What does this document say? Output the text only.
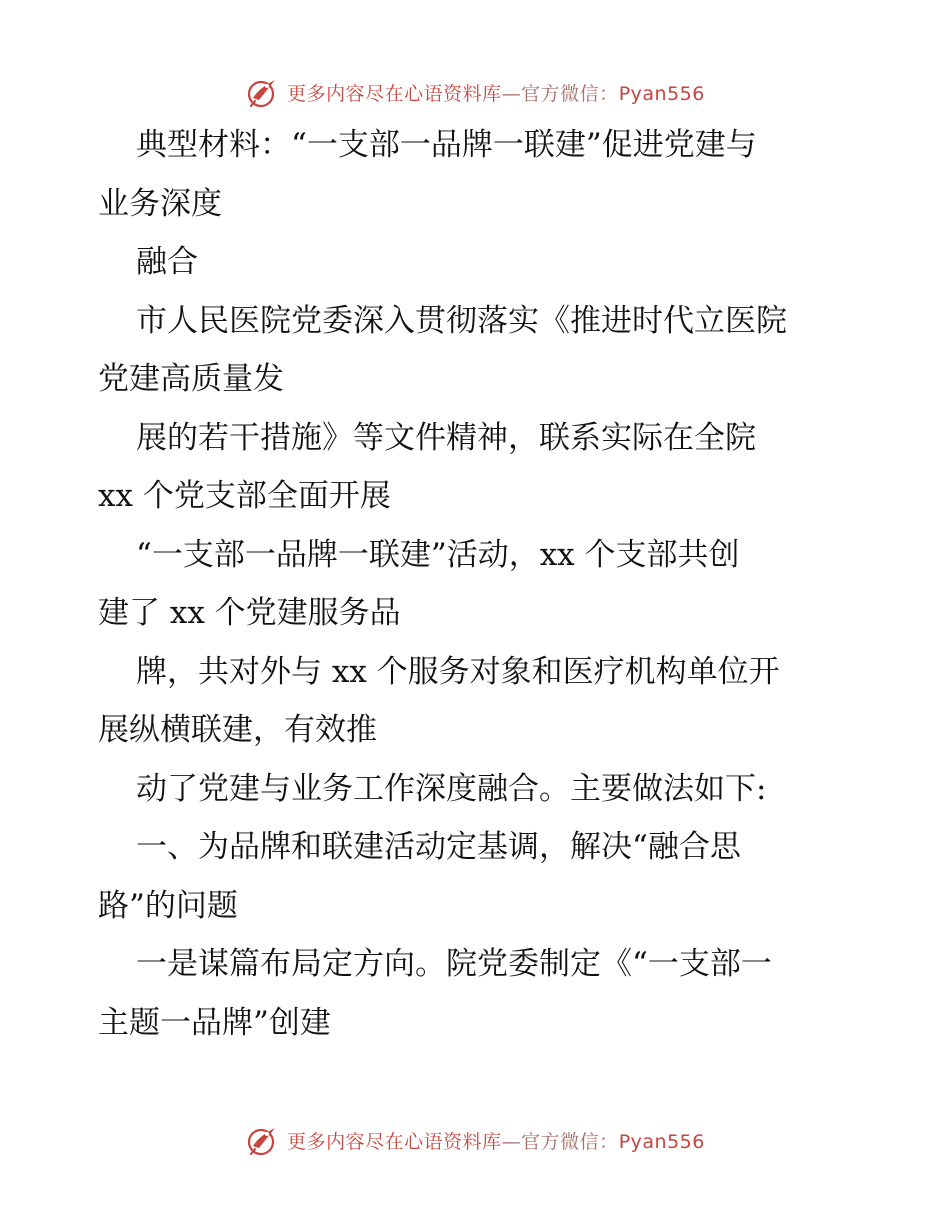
更多内容尽在心语资料库—官方微信：Pyan556
典型材料：“一支部一品牌一联建”促进党建与
业务深度
融合
市人民医院党委深入贯彻落实《推进时代立医院
党建高质量发
展的若干措施》等文件精神，联系实际在全院
xx 个党支部全面开展
“一支部一品牌一联建”活动，xx 个支部共创
建了 xx 个党建服务品
牌，共对外与 xx 个服务对象和医疗机构单位开
展纵横联建，有效推
动了党建与业务工作深度融合。主要做法如下:
一、为品牌和联建活动定基调，解决“融合思
路”的问题
一是谋篇布局定方向。院党委制定《“一支部一
主题一品牌”创建
更多内容尽在心语资料库—官方微信：Pyan556
